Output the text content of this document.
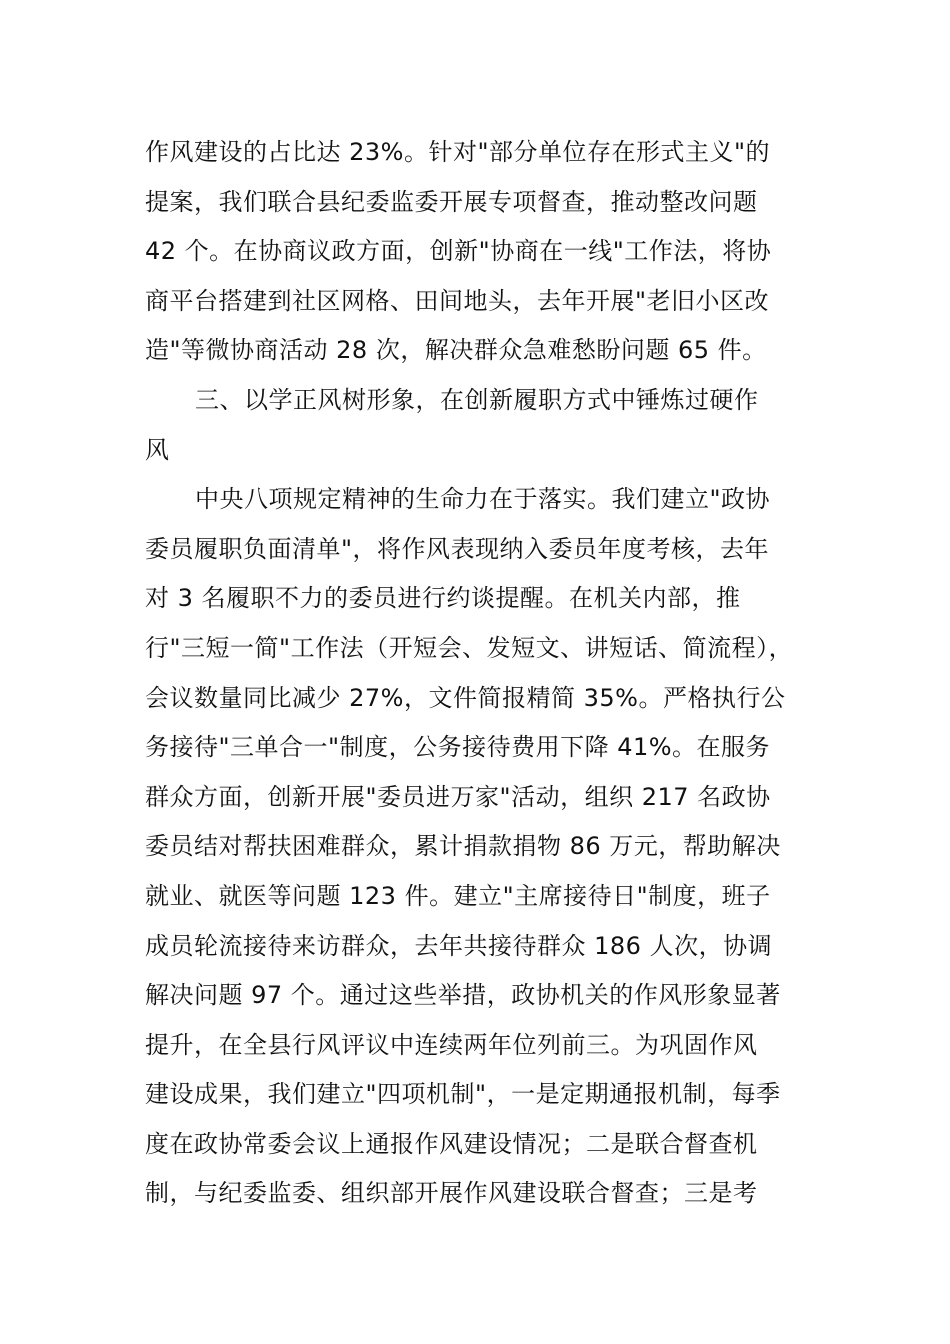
作风建设的占比达 23%。针对"部分单位存在形式主义"的

提案，我们联合县纪委监委开展专项督查，推动整改问题

42 个。在协商议政方面，创新"协商在一线"工作法，将协

商平台搭建到社区网格、田间地头，去年开展"老旧小区改

造"等微协商活动 28 次，解决群众急难愁盼问题 65 件。

三、以学正风树形象，在创新履职方式中锤炼过硬作

风

中央八项规定精神的生命力在于落实。我们建立"政协

委员履职负面清单"，将作风表现纳入委员年度考核，去年

对 3 名履职不力的委员进行约谈提醒。在机关内部，推

行"三短一简"工作法（开短会、发短文、讲短话、简流程），

会议数量同比减少 27%，文件简报精简 35%。严格执行公

务接待"三单合一"制度，公务接待费用下降 41%。在服务

群众方面，创新开展"委员进万家"活动，组织 217 名政协

委员结对帮扶困难群众，累计捐款捐物 86 万元，帮助解决

就业、就医等问题 123 件。建立"主席接待日"制度，班子

成员轮流接待来访群众，去年共接待群众 186 人次，协调

解决问题 97 个。通过这些举措，政协机关的作风形象显著

提升，在全县行风评议中连续两年位列前三。为巩固作风

建设成果，我们建立"四项机制"，一是定期通报机制，每季

度在政协常委会议上通报作风建设情况；二是联合督查机

制，与纪委监委、组织部开展作风建设联合督查；三是考
